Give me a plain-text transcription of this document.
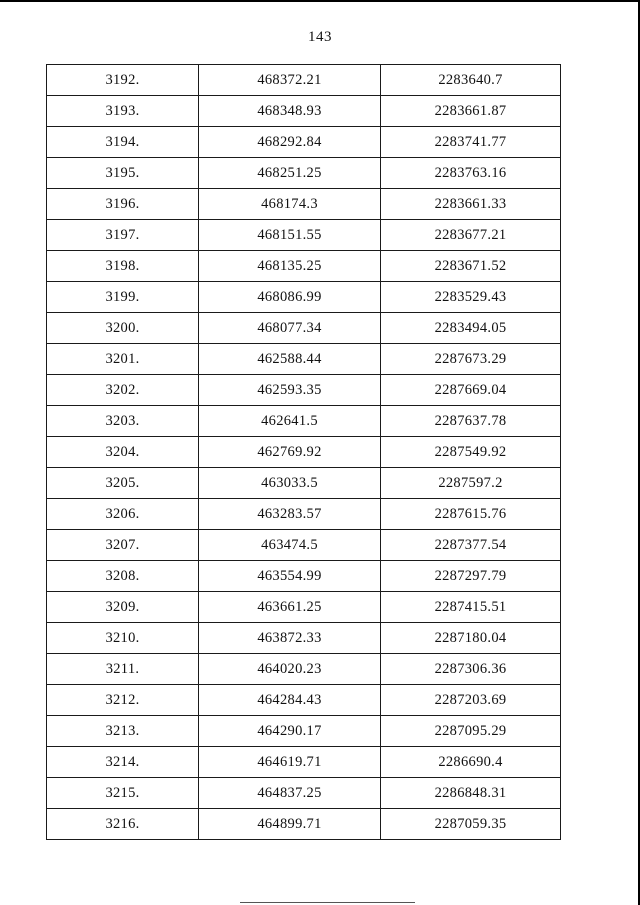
143
3192.	468372.21	2283640.7
3193.	468348.93	2283661.87
3194.	468292.84	2283741.77
3195.	468251.25	2283763.16
3196.	468174.3	2283661.33
3197.	468151.55	2283677.21
3198.	468135.25	2283671.52
3199.	468086.99	2283529.43
3200.	468077.34	2283494.05
3201.	462588.44	2287673.29
3202.	462593.35	2287669.04
3203.	462641.5	2287637.78
3204.	462769.92	2287549.92
3205.	463033.5	2287597.2
3206.	463283.57	2287615.76
3207.	463474.5	2287377.54
3208.	463554.99	2287297.79
3209.	463661.25	2287415.51
3210.	463872.33	2287180.04
3211.	464020.23	2287306.36
3212.	464284.43	2287203.69
3213.	464290.17	2287095.29
3214.	464619.71	2286690.4
3215.	464837.25	2286848.31
3216.	464899.71	2287059.35
